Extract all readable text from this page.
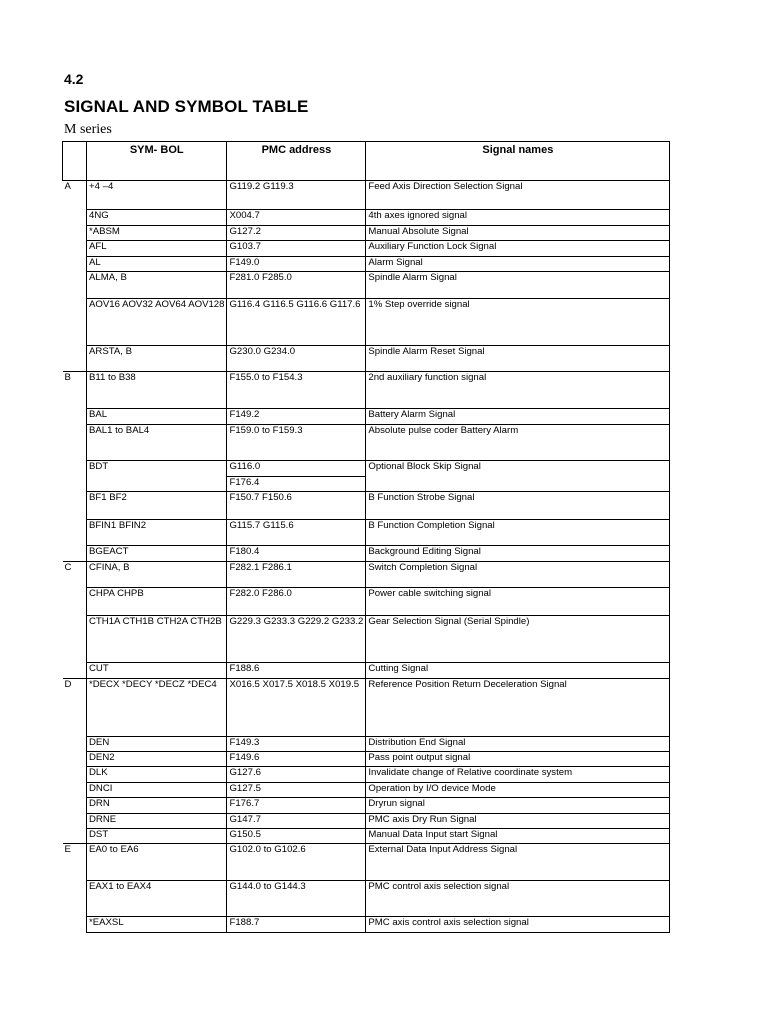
4.2
SIGNAL AND SYMBOL TABLE
M series
	SYM- BOL	PMC address	Signal names
A	+4 –4	G119.2 G119.3	Feed Axis Direction Selection Signal
	4NG	X004.7	4th axes ignored signal
	*ABSM	G127.2	Manual Absolute Signal
	AFL	G103.7	Auxiliary Function Lock Signal
	AL	F149.0	Alarm Signal
	ALMA, B	F281.0 F285.0	Spindle Alarm Signal
	AOV16 AOV32 AOV64 AOV128	G116.4 G116.5 G116.6 G117.6	1% Step override signal
	ARSTA, B	G230.0 G234.0	Spindle Alarm Reset Signal
B	B11 to B38	F155.0 to F154.3	2nd auxiliary function signal
	BAL	F149.2	Battery Alarm Signal
	BAL1 to BAL4	F159.0 to F159.3	Absolute pulse coder Battery Alarm
	BDT	G116.0	Optional Block Skip Signal
		F176.4	
	BF1 BF2	F150.7 F150.6	B Function Strobe Signal
	BFIN1 BFIN2	G115.7 G115.6	B Function Completion Signal
	BGEACT	F180.4	Background Editing Signal
C	CFINA, B	F282.1 F286.1	Switch Completion Signal
	CHPA CHPB	F282.0 F286.0	Power cable switching signal
	CTH1A CTH1B CTH2A CTH2B	G229.3 G233.3 G229.2 G233.2	Gear Selection Signal (Serial Spindle)
	CUT	F188.6	Cutting Signal
D	*DECX *DECY *DECZ *DEC4	X016.5 X017.5 X018.5 X019.5	Reference Position Return Deceleration Signal
	DEN	F149.3	Distribution End Signal
	DEN2	F149.6	Pass point output signal
	DLK	G127.6	Invalidate change of Relative coordinate system
	DNCI	G127.5	Operation by I/O device Mode
	DRN	F176.7	Dryrun signal
	DRNE	G147.7	PMC axis Dry Run Signal
	DST	G150.5	Manual Data Input start Signal
E	EA0 to EA6	G102.0 to G102.6	External Data Input Address Signal
	EAX1 to EAX4	G144.0 to G144.3	PMC control axis selection signal
	*EAXSL	F188.7	PMC axis control axis selection signal
